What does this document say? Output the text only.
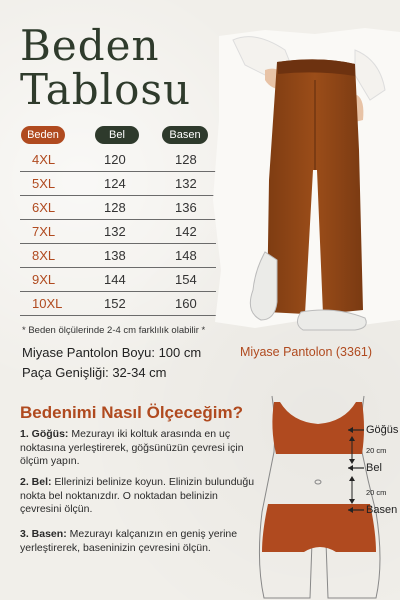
Beden
Tablosu
Beden	Bel	Basen
4XL	120	128
5XL	124	132
6XL	128	136
7XL	132	142
8XL	138	148
9XL	144	154
10XL	152	160
* Beden ölçülerinde 2-4 cm farklılık olabilir *
Miyase Pantolon Boyu: 100 cm
Paça Genişliği: 32-34 cm
Miyase Pantolon (3361)
Bedenimi Nasıl Ölçeceğim?
1. Göğüs: Mezurayı iki koltuk arasında en uç noktasına yerleştirerek, göğsünüzün çevresi için ölçüm yapın.
2. Bel: Ellerinizi belinize koyun. Elinizin bulunduğu nokta bel noktanızdır. O noktadan belinizin çevresini ölçün.
3. Basen: Mezurayı kalçanızın en geniş yerine yerleştirerek, baseninizin çevresini ölçün.
Göğüs
Bel
Basen
20 cm
20 cm
